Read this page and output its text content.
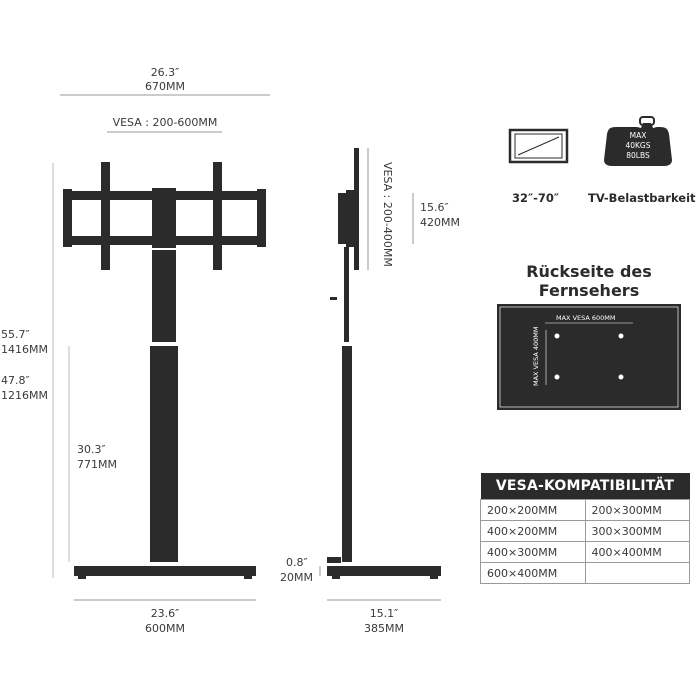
26.3″
670MM
VESA : 200-600MM
55.7″
1416MM
47.8″
1216MM
30.3″
771MM
23.6″
600MM
VESA : 200-400MM 15.6″
420MM
0.8″
20MM
15.1″
385MM
32″-70″	TV-Belastbarkeit
MAX
40KGS
80LBS
Rückseite des Fernsehers
MAX VESA 600MM
MAX VESA 400MM
VESA-KOMPATIBILITÄT	
200×200MM	200×300MM
400×200MM	300×300MM
400×300MM	400×400MM
600×400MM	
